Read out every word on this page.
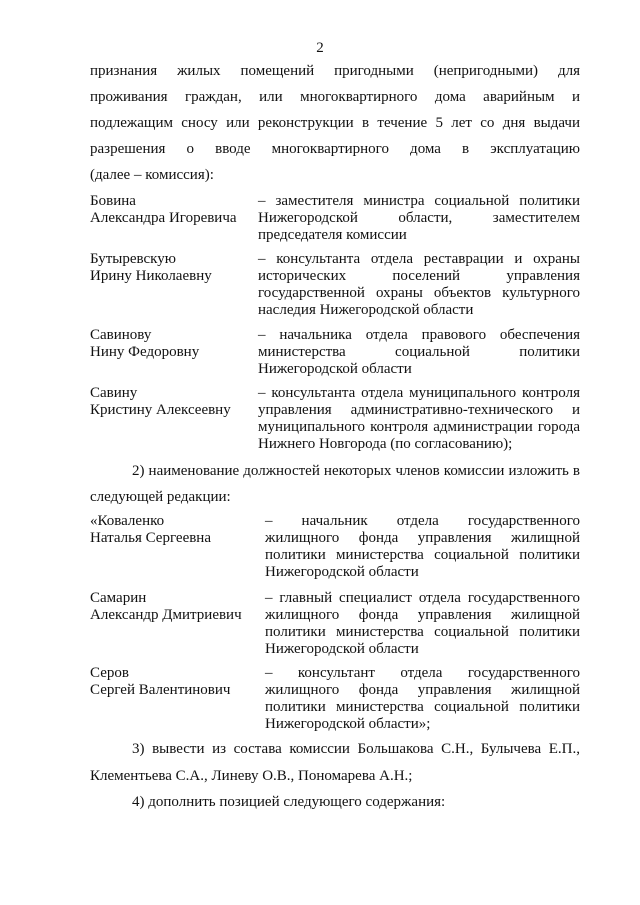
2
признания жилых помещений пригодными (непригодными) для
проживания граждан, или многоквартирного дома аварийным и
подлежащим сносу или реконструкции в течение 5 лет со дня выдачи
разрешения о вводе многоквартирного дома в эксплуатацию
(далее – комиссия):
Бовина
Александра Игоревича
– заместителя министра социальной политики Нижегородской области, заместителем председателя комиссии
Бутыревскую
Ирину Николаевну
– консультанта отдела реставрации и охраны исторических поселений управления государственной охраны объектов культурного наследия Нижегородской области
Савинову
Нину Федоровну
– начальника отдела правового обеспечения министерства социальной политики Нижегородской области
Савину
Кристину Алексеевну
– консультанта отдела муниципального контроля управления административно-технического и муниципального контроля администрации города Нижнего Новгорода (по согласованию);
2) наименование должностей некоторых членов комиссии изложить в
следующей редакции:
«Коваленко
Наталья Сергеевна
– начальник отдела государственного жилищного фонда управления жилищной политики министерства социальной политики Нижегородской области
Самарин
Александр Дмитриевич
– главный специалист отдела государственного жилищного фонда управления жилищной политики министерства социальной политики Нижегородской области
Серов
Сергей Валентинович
– консультант отдела государственного жилищного фонда управления жилищной политики министерства социальной политики Нижегородской области»;
3) вывести из состава комиссии Большакова С.Н., Булычева Е.П.,
Клементьева С.А., Линеву О.В., Пономарева А.Н.;
4) дополнить позицией следующего содержания:
